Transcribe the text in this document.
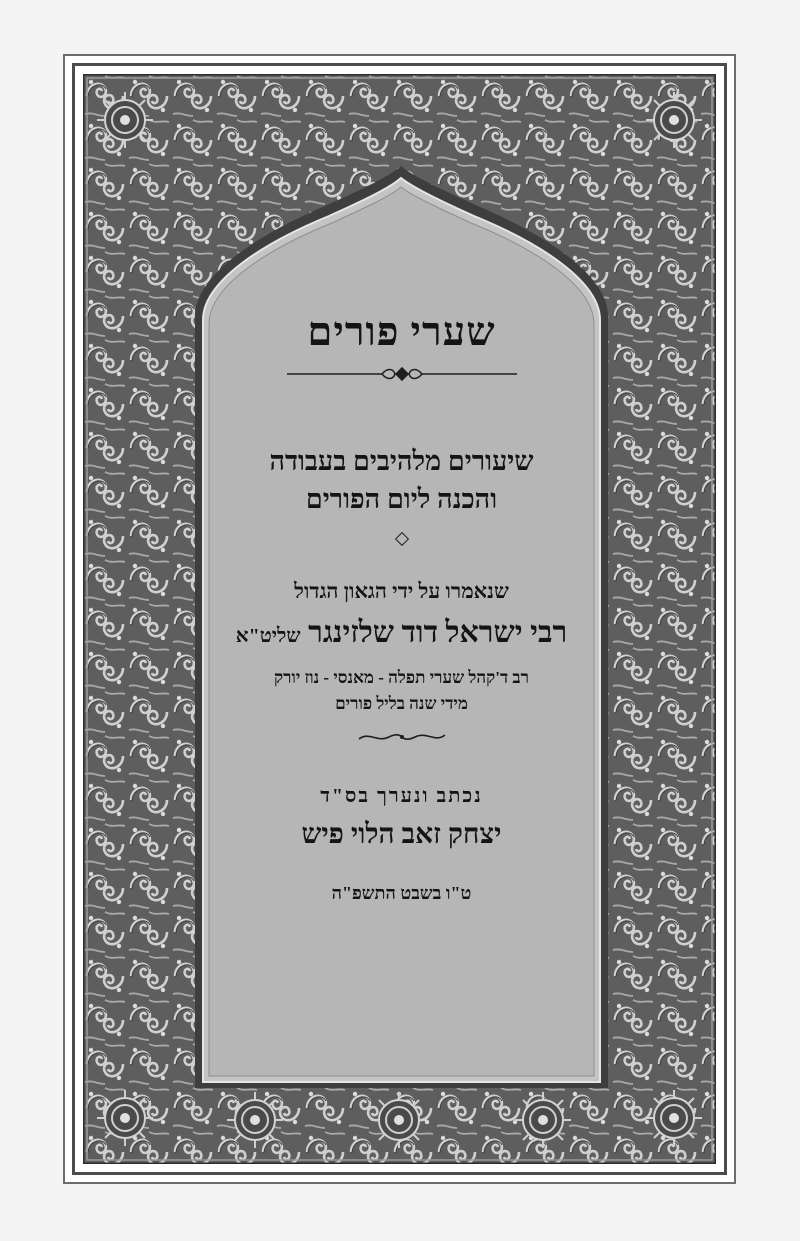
שערי פורים

שיעורים מלהיבים בעבודה

והכנה ליום הפורים

שנאמרו על ידי הגאון הגדול

רבי ישראל דוד שלזינגר שליט"א

רב ד'קהל שערי תפלה - מאנסי - נוז יורק

מידי שנה בליל פורים

נכתב ונערך בס"ד

יצחק זאב הלוי פיש

ט"ו בשבט התשפ"ה
